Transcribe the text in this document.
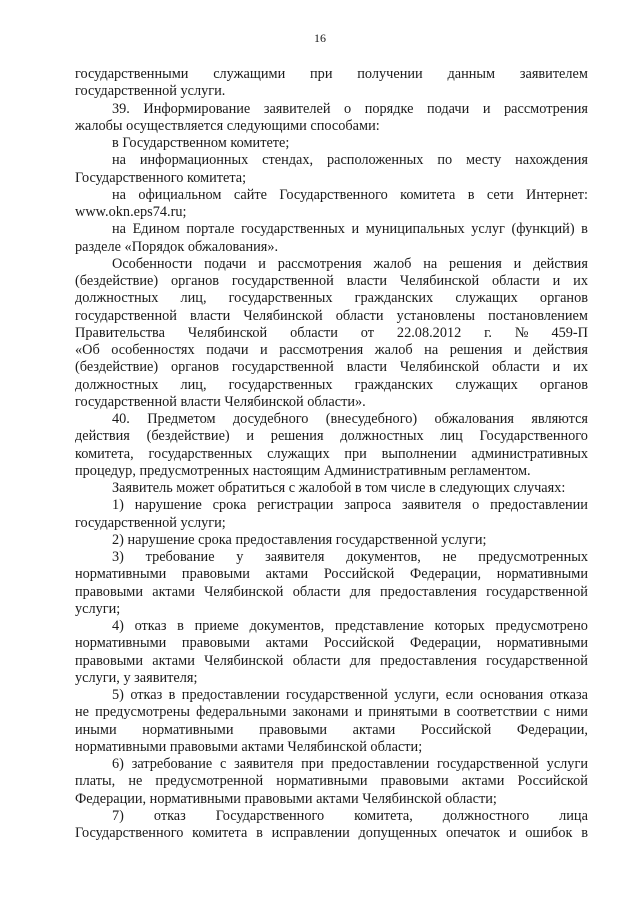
16
государственными служащими при получении данным заявителем
государственной услуги.
39. Информирование заявителей о порядке подачи и рассмотрения
жалобы осуществляется следующими способами:
в Государственном комитете;
на информационных стендах, расположенных по месту нахождения
Государственного комитета;
на официальном сайте Государственного комитета в сети Интернет:
www.okn.eps74.ru;
на Едином портале государственных и муниципальных услуг (функций) в
разделе «Порядок обжалования».
Особенности подачи и рассмотрения жалоб на решения и действия
(бездействие) органов государственной власти Челябинской области и их
должностных лиц, государственных гражданских служащих органов
государственной власти Челябинской области установлены постановлением
Правительства Челябинской области от 22.08.2012 г. № 459-П
«Об особенностях подачи и рассмотрения жалоб на решения и действия
(бездействие) органов государственной власти Челябинской области и их
должностных лиц, государственных гражданских служащих органов
государственной власти Челябинской области».
40. Предметом досудебного (внесудебного) обжалования являются
действия (бездействие) и решения должностных лиц Государственного
комитета, государственных служащих при выполнении административных
процедур, предусмотренных настоящим Административным регламентом.
Заявитель может обратиться с жалобой в том числе в следующих случаях:
1) нарушение срока регистрации запроса заявителя о предоставлении
государственной услуги;
2) нарушение срока предоставления государственной услуги;
3) требование у заявителя документов, не предусмотренных
нормативными правовыми актами Российской Федерации, нормативными
правовыми актами Челябинской области для предоставления государственной
услуги;
4) отказ в приеме документов, представление которых предусмотрено
нормативными правовыми актами Российской Федерации, нормативными
правовыми актами Челябинской области для предоставления государственной
услуги, у заявителя;
5) отказ в предоставлении государственной услуги, если основания отказа
не предусмотрены федеральными законами и принятыми в соответствии с ними
иными нормативными правовыми актами Российской Федерации,
нормативными правовыми актами Челябинской области;
6) затребование с заявителя при предоставлении государственной услуги
платы, не предусмотренной нормативными правовыми актами Российской
Федерации, нормативными правовыми актами Челябинской области;
7) отказ Государственного комитета, должностного лица
Государственного комитета в исправлении допущенных опечаток и ошибок в
